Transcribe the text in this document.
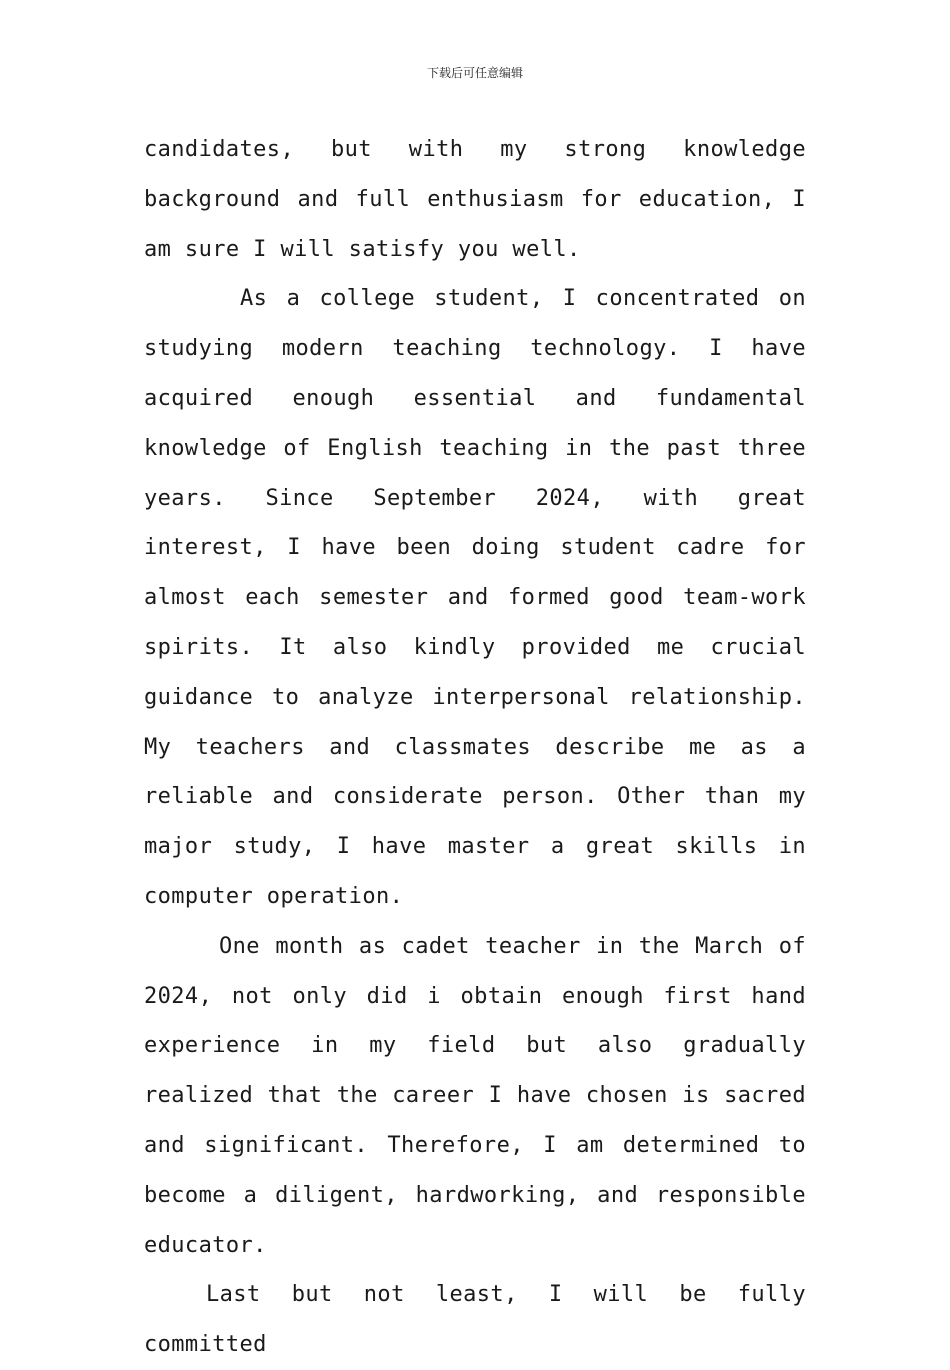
下载后可任意编辑

candidates, but with my strong knowledge background and full enthusiasm for education, I am sure I will satisfy you well.

As a college student, I concentrated on studying modern teaching technology. I have acquired enough essential and fundamental knowledge of English teaching in the past three years. Since September 2024, with great interest, I have been doing student cadre for almost each semester and formed good team-work spirits. It also kindly provided me crucial guidance to analyze interpersonal relationship. My teachers and classmates describe me as a reliable and considerate person. Other than my major study, I have master a great skills in computer operation.

One month as cadet teacher in the March of 2024, not only did i obtain enough first hand experience in my field but also gradually realized that the career I have chosen is sacred and significant. Therefore, I am determined to become a diligent, hardworking, and responsible educator.

Last but not least, I will be fully committed
